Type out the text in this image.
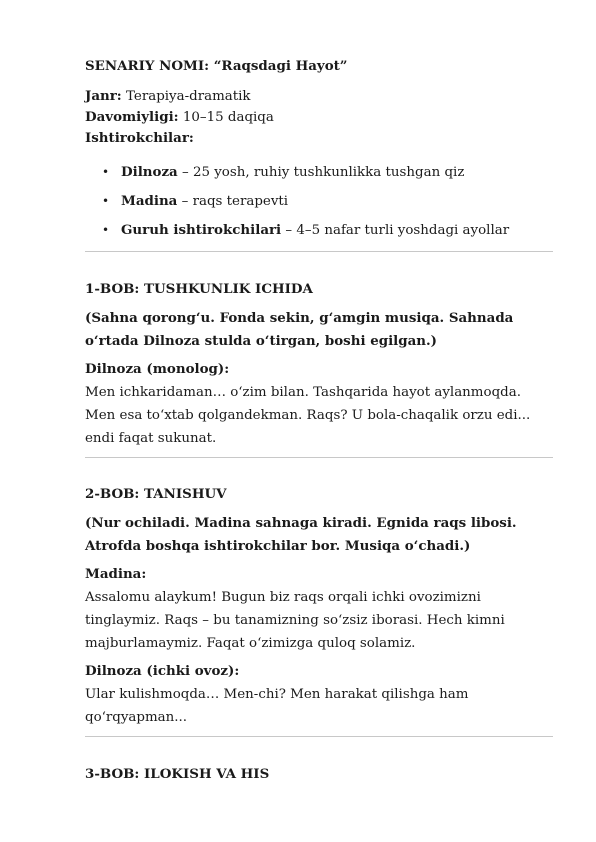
SENARIY NOMI: “Raqsdagi Hayot”

Janr: Terapiya-dramatik

Davomiyligi: 10–15 daqiqa

Ishtirokchilar:

• Dilnoza – 25 yosh, ruhiy tushkunlikka tushgan qiz
• Madina – raqs terapevti
• Guruh ishtirokchilari – 4–5 nafar turli yoshdagi ayollar

1-BOB: TUSHKUNLIK ICHIDA

(Sahna qorong‘u. Fonda sekin, g‘amgin musiqa. Sahnada o‘rtada Dilnoza stulda o‘tirgan, boshi egilgan.)

Dilnoza (monolog):

Men ichkaridaman… o‘zim bilan. Tashqarida hayot aylanmoqda. Men esa to‘xtab qolgandekman. Raqs? U bola-chaqalik orzu edi... endi faqat sukunat.

2-BOB: TANISHUV

(Nur ochiladi. Madina sahnaga kiradi. Egnida raqs libosi. Atrofda boshqa ishtirokchilar bor. Musiqa o‘chadi.)

Madina:

Assalomu alaykum! Bugun biz raqs orqali ichki ovozimizni tinglaymiz. Raqs – bu tanamizning so‘zsiz iborasi. Hech kimni majburlamaymiz. Faqat o‘zimizga quloq solamiz.

Dilnoza (ichki ovoz):

Ular kulishmoqda… Men-chi? Men harakat qilishga ham qo‘rqyapman...

3-BOB: ILOKISH VA HIS
